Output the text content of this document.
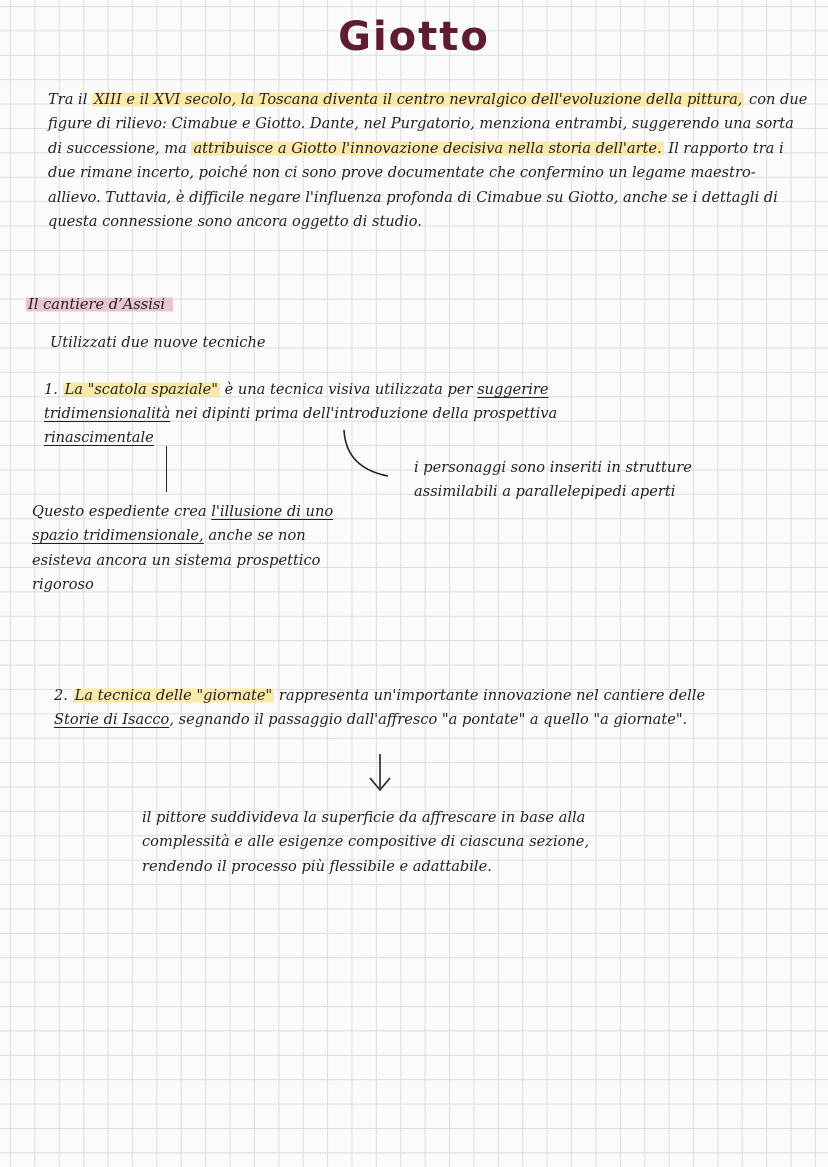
Giotto
Tra il XIII e il XVI secolo, la Toscana diventa il centro nevralgico dell'evoluzione della pittura, con due figure di rilievo: Cimabue e Giotto. Dante, nel Purgatorio, menziona entrambi, suggerendo una sorta di successione, ma attribuisce a Giotto l'innovazione decisiva nella storia dell'arte. Il rapporto tra i due rimane incerto, poiché non ci sono prove documentate che confermino un legame maestro-allievo. Tuttavia, è difficile negare l'influenza profonda di Cimabue su Giotto, anche se i dettagli di questa connessione sono ancora oggetto di studio.
Il cantiere d’Assisi
Utilizzati due nuove tecniche
1. La "scatola spaziale" è una tecnica visiva utilizzata per suggerire
tridimensionalità nei dipinti prima dell'introduzione della prospettiva
rinascimentale
i personaggi sono inseriti in strutture assimilabili a parallelepipedi aperti
Questo espediente crea l'illusione di uno spazio tridimensionale, anche se non esisteva ancora un sistema prospettico rigoroso
2. La tecnica delle "giornate" rappresenta un'importante innovazione nel cantiere delle Storie di Isacco, segnando il passaggio dall'affresco "a pontate" a quello "a giornate".
il pittore suddivideva la superficie da affrescare in base alla complessità e alle esigenze compositive di ciascuna sezione, rendendo il processo più flessibile e adattabile.
